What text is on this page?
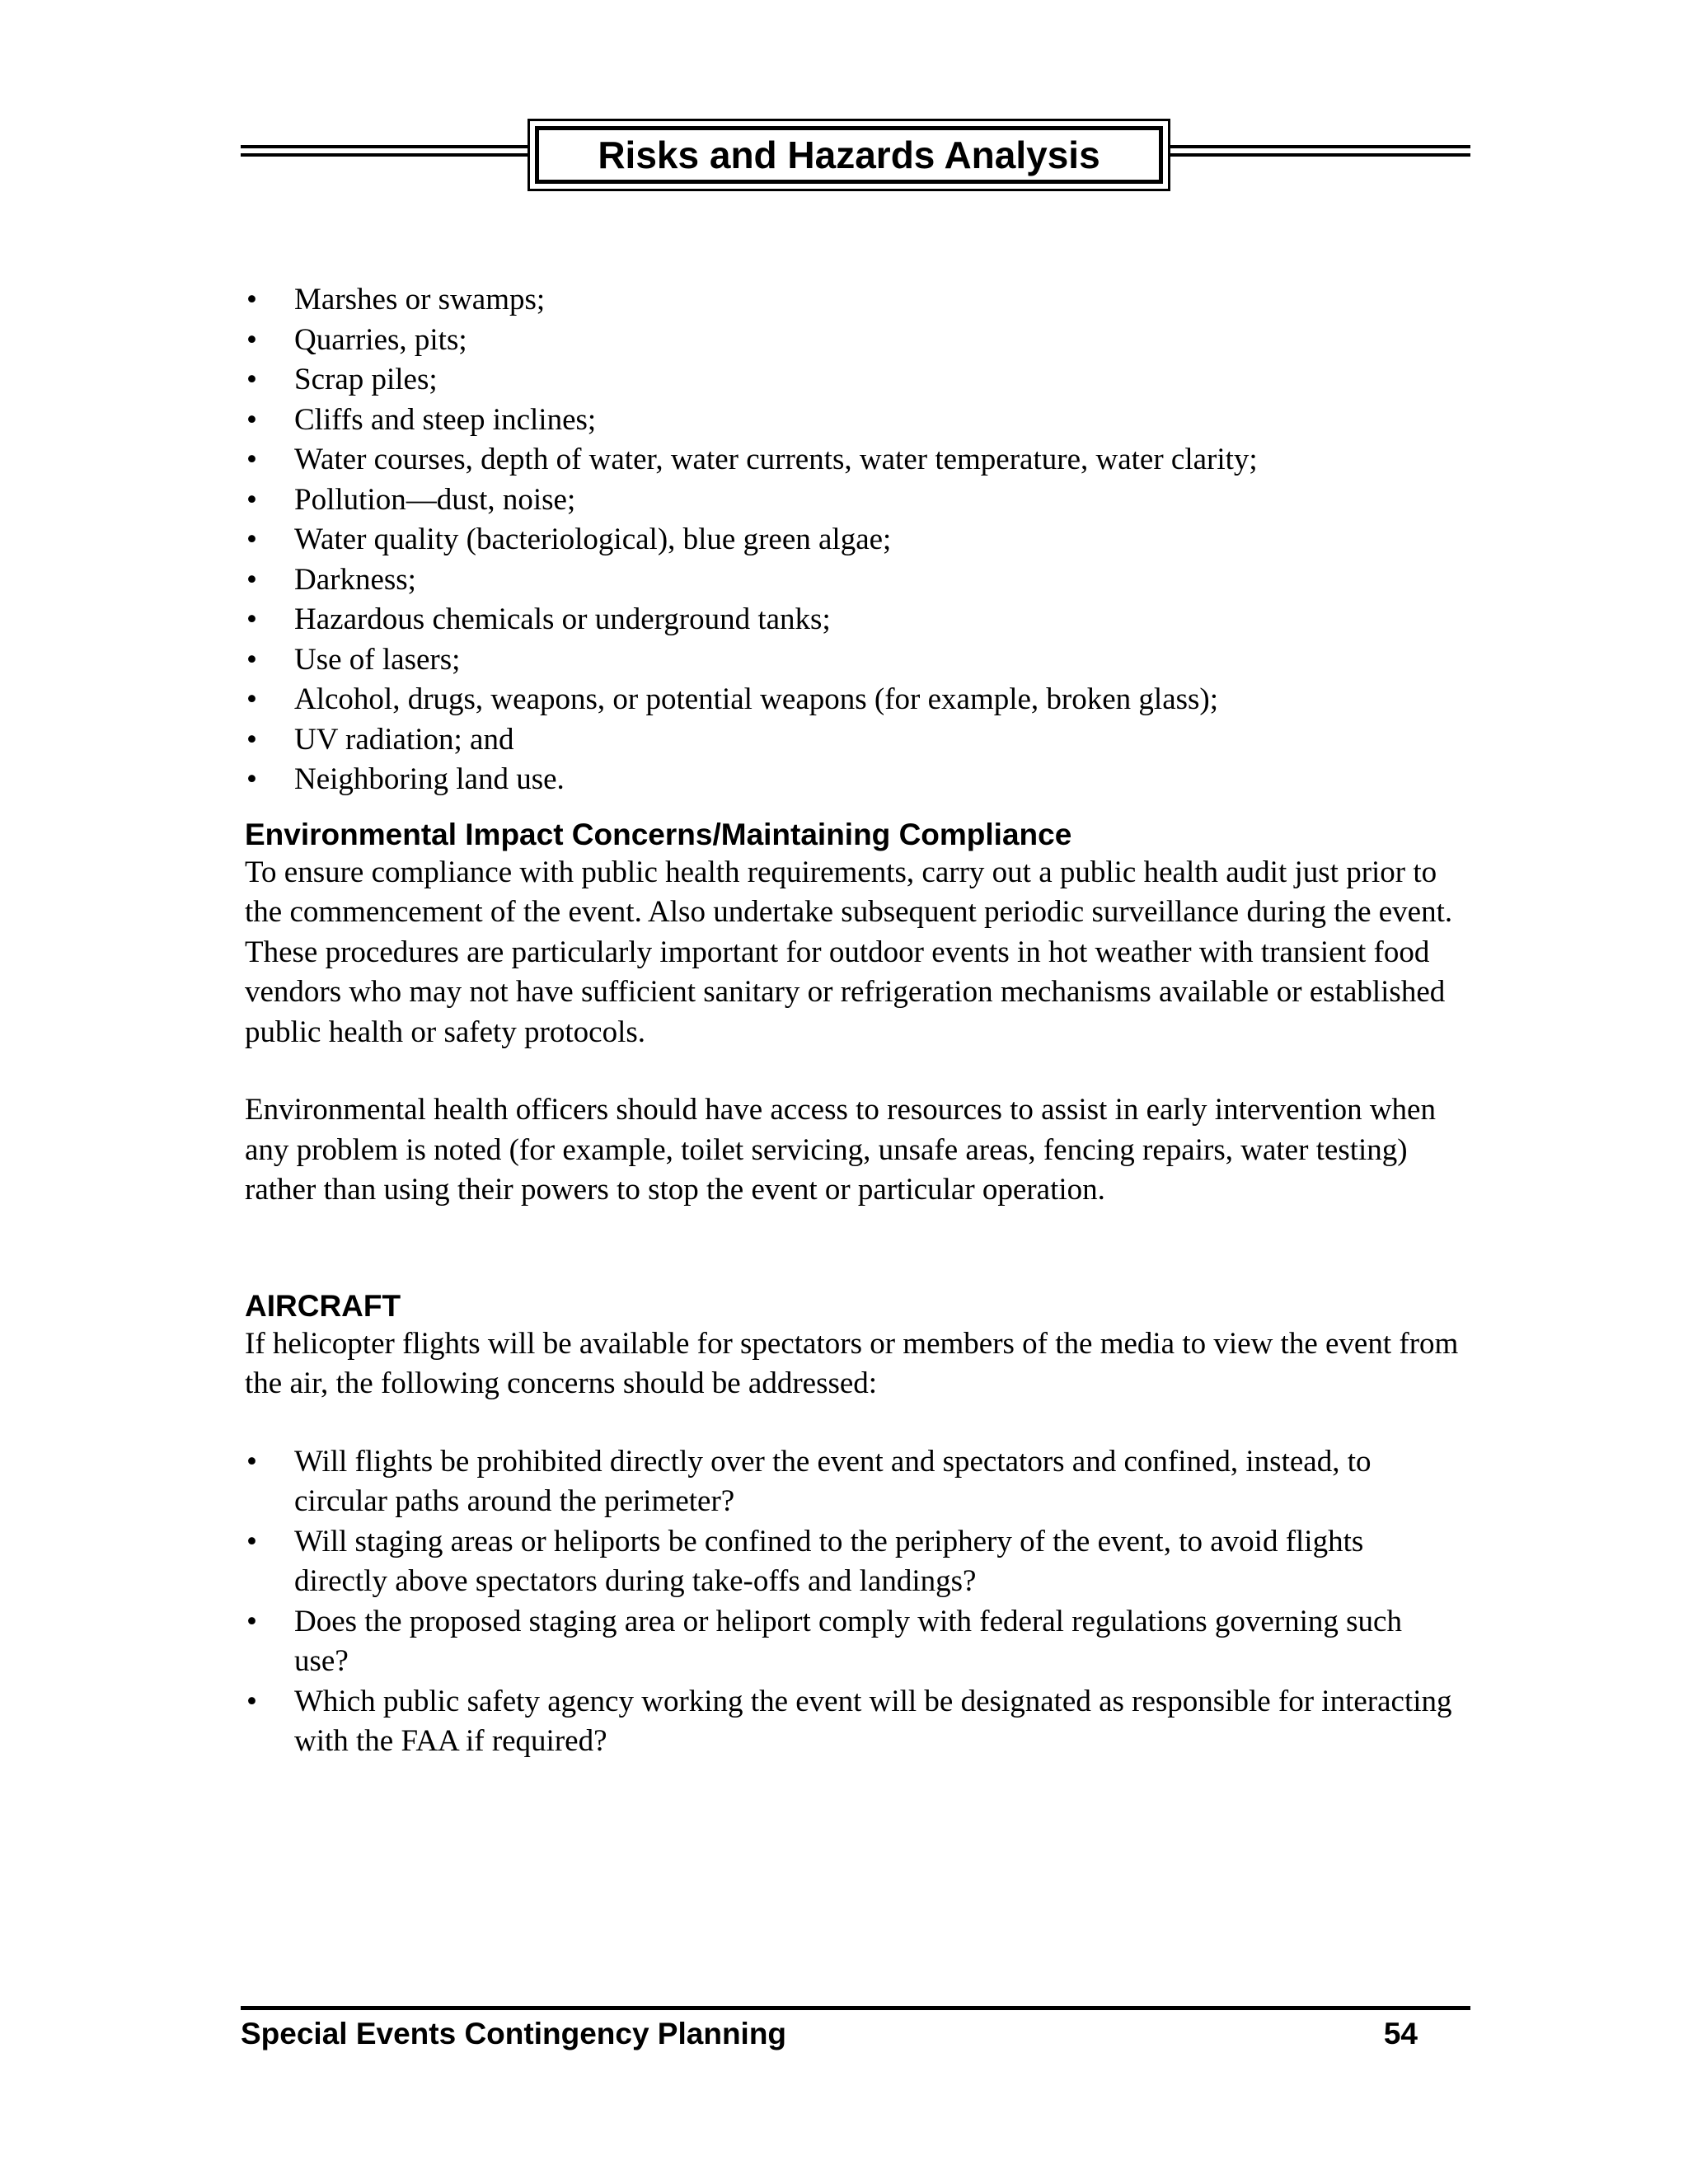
Risks and Hazards Analysis
• Marshes or swamps;
• Quarries, pits;
• Scrap piles;
• Cliffs and steep inclines;
• Water courses, depth of water, water currents, water temperature, water clarity;
• Pollution—dust, noise;
• Water quality (bacteriological), blue green algae;
• Darkness;
• Hazardous chemicals or underground tanks;
• Use of lasers;
• Alcohol, drugs, weapons, or potential weapons (for example, broken glass);
• UV radiation; and
• Neighboring land use.
Environmental Impact Concerns/Maintaining Compliance

To ensure compliance with public health requirements, carry out a public health audit just prior to the commencement of the event. Also undertake subsequent periodic surveillance during the event. These procedures are particularly important for outdoor events in hot weather with transient food vendors who may not have sufficient sanitary or refrigeration mechanisms available or established public health or safety protocols.

Environmental health officers should have access to resources to assist in early intervention when any problem is noted (for example, toilet servicing, unsafe areas, fencing repairs, water testing) rather than using their powers to stop the event or particular operation.

AIRCRAFT

If helicopter flights will be available for spectators or members of the media to view the event from the air, the following concerns should be addressed:

• Will flights be prohibited directly over the event and spectators and confined, instead, to circular paths around the perimeter?
• Will staging areas or heliports be confined to the periphery of the event, to avoid flights directly above spectators during take-offs and landings?
• Does the proposed staging area or heliport comply with federal regulations governing such use?
• Which public safety agency working the event will be designated as responsible for interacting with the FAA if required?
Special Events Contingency Planning	54
